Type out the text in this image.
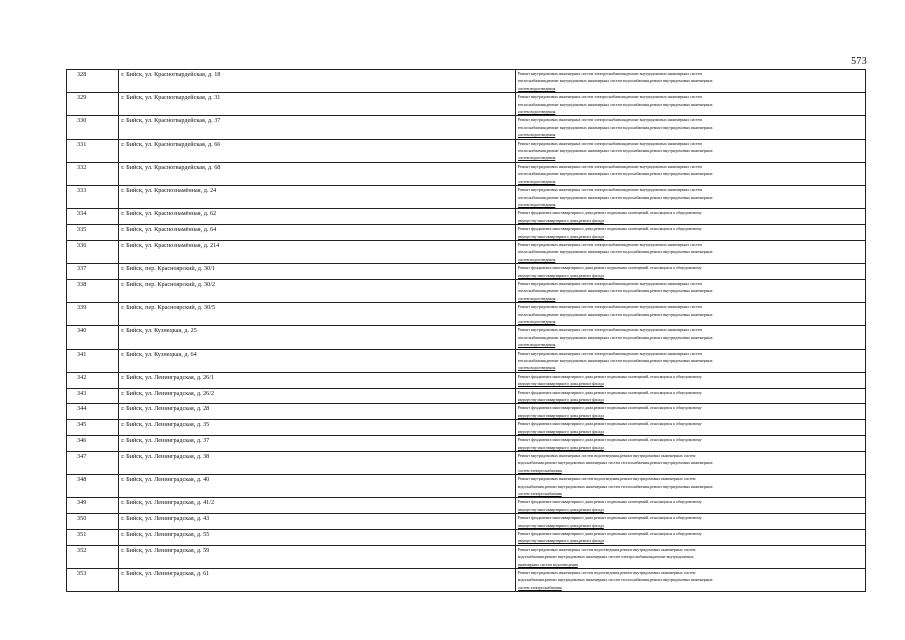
573
328	г. Бийск, ул. Красногвардейская, д. 18	Ремонт внутридомовых инженерных систем электроснабжения,ремонт внутридомовых инженерных систем
теплоснабжения,ремонт внутридомовых инженерных систем водоснабжения,ремонт внутридомовых инженерных
систем водоотведения

329	г. Бийск, ул. Красногвардейская, д. 31	Ремонт внутридомовых инженерных систем электроснабжения,ремонт внутридомовых инженерных систем
теплоснабжения,ремонт внутридомовых инженерных систем водоснабжения,ремонт внутридомовых инженерных
систем водоотведения

330	г. Бийск, ул. Красногвардейская, д. 37	Ремонт внутридомовых инженерных систем электроснабжения,ремонт внутридомовых инженерных систем
теплоснабжения,ремонт внутридомовых инженерных систем водоснабжения,ремонт внутридомовых инженерных
систем водоотведения

331	г. Бийск, ул. Красногвардейская, д. 66	Ремонт внутридомовых инженерных систем электроснабжения,ремонт внутридомовых инженерных систем
теплоснабжения,ремонт внутридомовых инженерных систем водоснабжения,ремонт внутридомовых инженерных
систем водоотведения

332	г. Бийск, ул. Красногвардейская, д. 68	Ремонт внутридомовых инженерных систем электроснабжения,ремонт внутридомовых инженерных систем
теплоснабжения,ремонт внутридомовых инженерных систем водоснабжения,ремонт внутридомовых инженерных
систем водоотведения

333	г. Бийск, ул. Краснознамённая, д. 24	Ремонт внутридомовых инженерных систем электроснабжения,ремонт внутридомовых инженерных систем
теплоснабжения,ремонт внутридомовых инженерных систем водоснабжения,ремонт внутридомовых инженерных
систем водоотведения

334	г. Бийск, ул. Краснознамённая, д. 62	Ремонт фундамента многоквартирного дома,ремонт подвальных помещений, относящихся к общедомовому
имуществу многоквартирного дома,ремонт фасада

335	г. Бийск, ул. Краснознамённая, д. 64	Ремонт фундамента многоквартирного дома,ремонт подвальных помещений, относящихся к общедомовому
имуществу многоквартирного дома,ремонт фасада

336	г. Бийск, ул. Краснознамённая, д. 214	Ремонт внутридомовых инженерных систем электроснабжения,ремонт внутридомовых инженерных систем
теплоснабжения,ремонт внутридомовых инженерных систем водоснабжения,ремонт внутридомовых инженерных
систем водоотведения

337	г. Бийск, пер. Красноярский, д. 30/1	Ремонт фундамента многоквартирного дома,ремонт подвальных помещений, относящихся к общедомовому
имуществу многоквартирного дома,ремонт фасада

338	г. Бийск, пер. Красноярский, д. 30/2	Ремонт внутридомовых инженерных систем электроснабжения,ремонт внутридомовых инженерных систем
теплоснабжения,ремонт внутридомовых инженерных систем водоснабжения,ремонт внутридомовых инженерных
систем водоотведения

339	г. Бийск, пер. Красноярский, д. 30/5	Ремонт внутридомовых инженерных систем электроснабжения,ремонт внутридомовых инженерных систем
теплоснабжения,ремонт внутридомовых инженерных систем водоснабжения,ремонт внутридомовых инженерных
систем водоотведения

340	г. Бийск, ул. Кузнецкая, д. 25	Ремонт внутридомовых инженерных систем электроснабжения,ремонт внутридомовых инженерных систем
теплоснабжения,ремонт внутридомовых инженерных систем водоснабжения,ремонт внутридомовых инженерных
систем водоотведения

341	г. Бийск, ул. Кузнецкая, д. 64	Ремонт внутридомовых инженерных систем электроснабжения,ремонт внутридомовых инженерных систем
теплоснабжения,ремонт внутридомовых инженерных систем водоснабжения,ремонт внутридомовых инженерных
систем водоотведения

342	г. Бийск, ул. Ленинградская, д. 26/1	Ремонт фундамента многоквартирного дома,ремонт подвальных помещений, относящихся к общедомовому
имуществу многоквартирного дома,ремонт фасада

343	г. Бийск, ул. Ленинградская, д. 26/2	Ремонт фундамента многоквартирного дома,ремонт подвальных помещений, относящихся к общедомовому
имуществу многоквартирного дома,ремонт фасада

344	г. Бийск, ул. Ленинградская, д. 28	Ремонт фундамента многоквартирного дома,ремонт подвальных помещений, относящихся к общедомовому
имуществу многоквартирного дома,ремонт фасада

345	г. Бийск, ул. Ленинградская, д. 35	Ремонт фундамента многоквартирного дома,ремонт подвальных помещений, относящихся к общедомовому
имуществу многоквартирного дома,ремонт фасада

346	г. Бийск, ул. Ленинградская, д. 37	Ремонт фундамента многоквартирного дома,ремонт подвальных помещений, относящихся к общедомовому
имуществу многоквартирного дома,ремонт фасада

347	г. Бийск, ул. Ленинградская, д. 38	Ремонт внутридомовых инженерных систем водоотведения,ремонт внутридомовых инженерных систем
водоснабжения,ремонт внутридомовых инженерных систем теплоснабжения,ремонт внутридомовых инженерных
систем электроснабжения

348	г. Бийск, ул. Ленинградская, д. 40	Ремонт внутридомовых инженерных систем водоотведения,ремонт внутридомовых инженерных систем
водоснабжения,ремонт внутридомовых инженерных систем теплоснабжения,ремонт внутридомовых инженерных
систем электроснабжения

349	г. Бийск, ул. Ленинградская, д. 41/2	Ремонт фундамента многоквартирного дома,ремонт подвальных помещений, относящихся к общедомовому
имуществу многоквартирного дома,ремонт фасада

350	г. Бийск, ул. Ленинградская, д. 43	Ремонт фундамента многоквартирного дома,ремонт подвальных помещений, относящихся к общедомовому
имуществу многоквартирного дома,ремонт фасада

351	г. Бийск, ул. Ленинградская, д. 55	Ремонт фундамента многоквартирного дома,ремонт подвальных помещений, относящихся к общедомовому
имуществу многоквартирного дома,ремонт фасада

352	г. Бийск, ул. Ленинградская, д. 59	Ремонт внутридомовых инженерных систем водоотведения,ремонт внутридомовых инженерных систем
водоснабжения,ремонт внутридомовых инженерных систем электроснабжения,ремонт внутридомовых
инженерных систем водоотведения

353	г. Бийск, ул. Ленинградская, д. 61	Ремонт внутридомовых инженерных систем водоотведения,ремонт внутридомовых инженерных систем
водоснабжения,ремонт внутридомовых инженерных систем теплоснабжения,ремонт внутридомовых инженерных
систем электроснабжения
